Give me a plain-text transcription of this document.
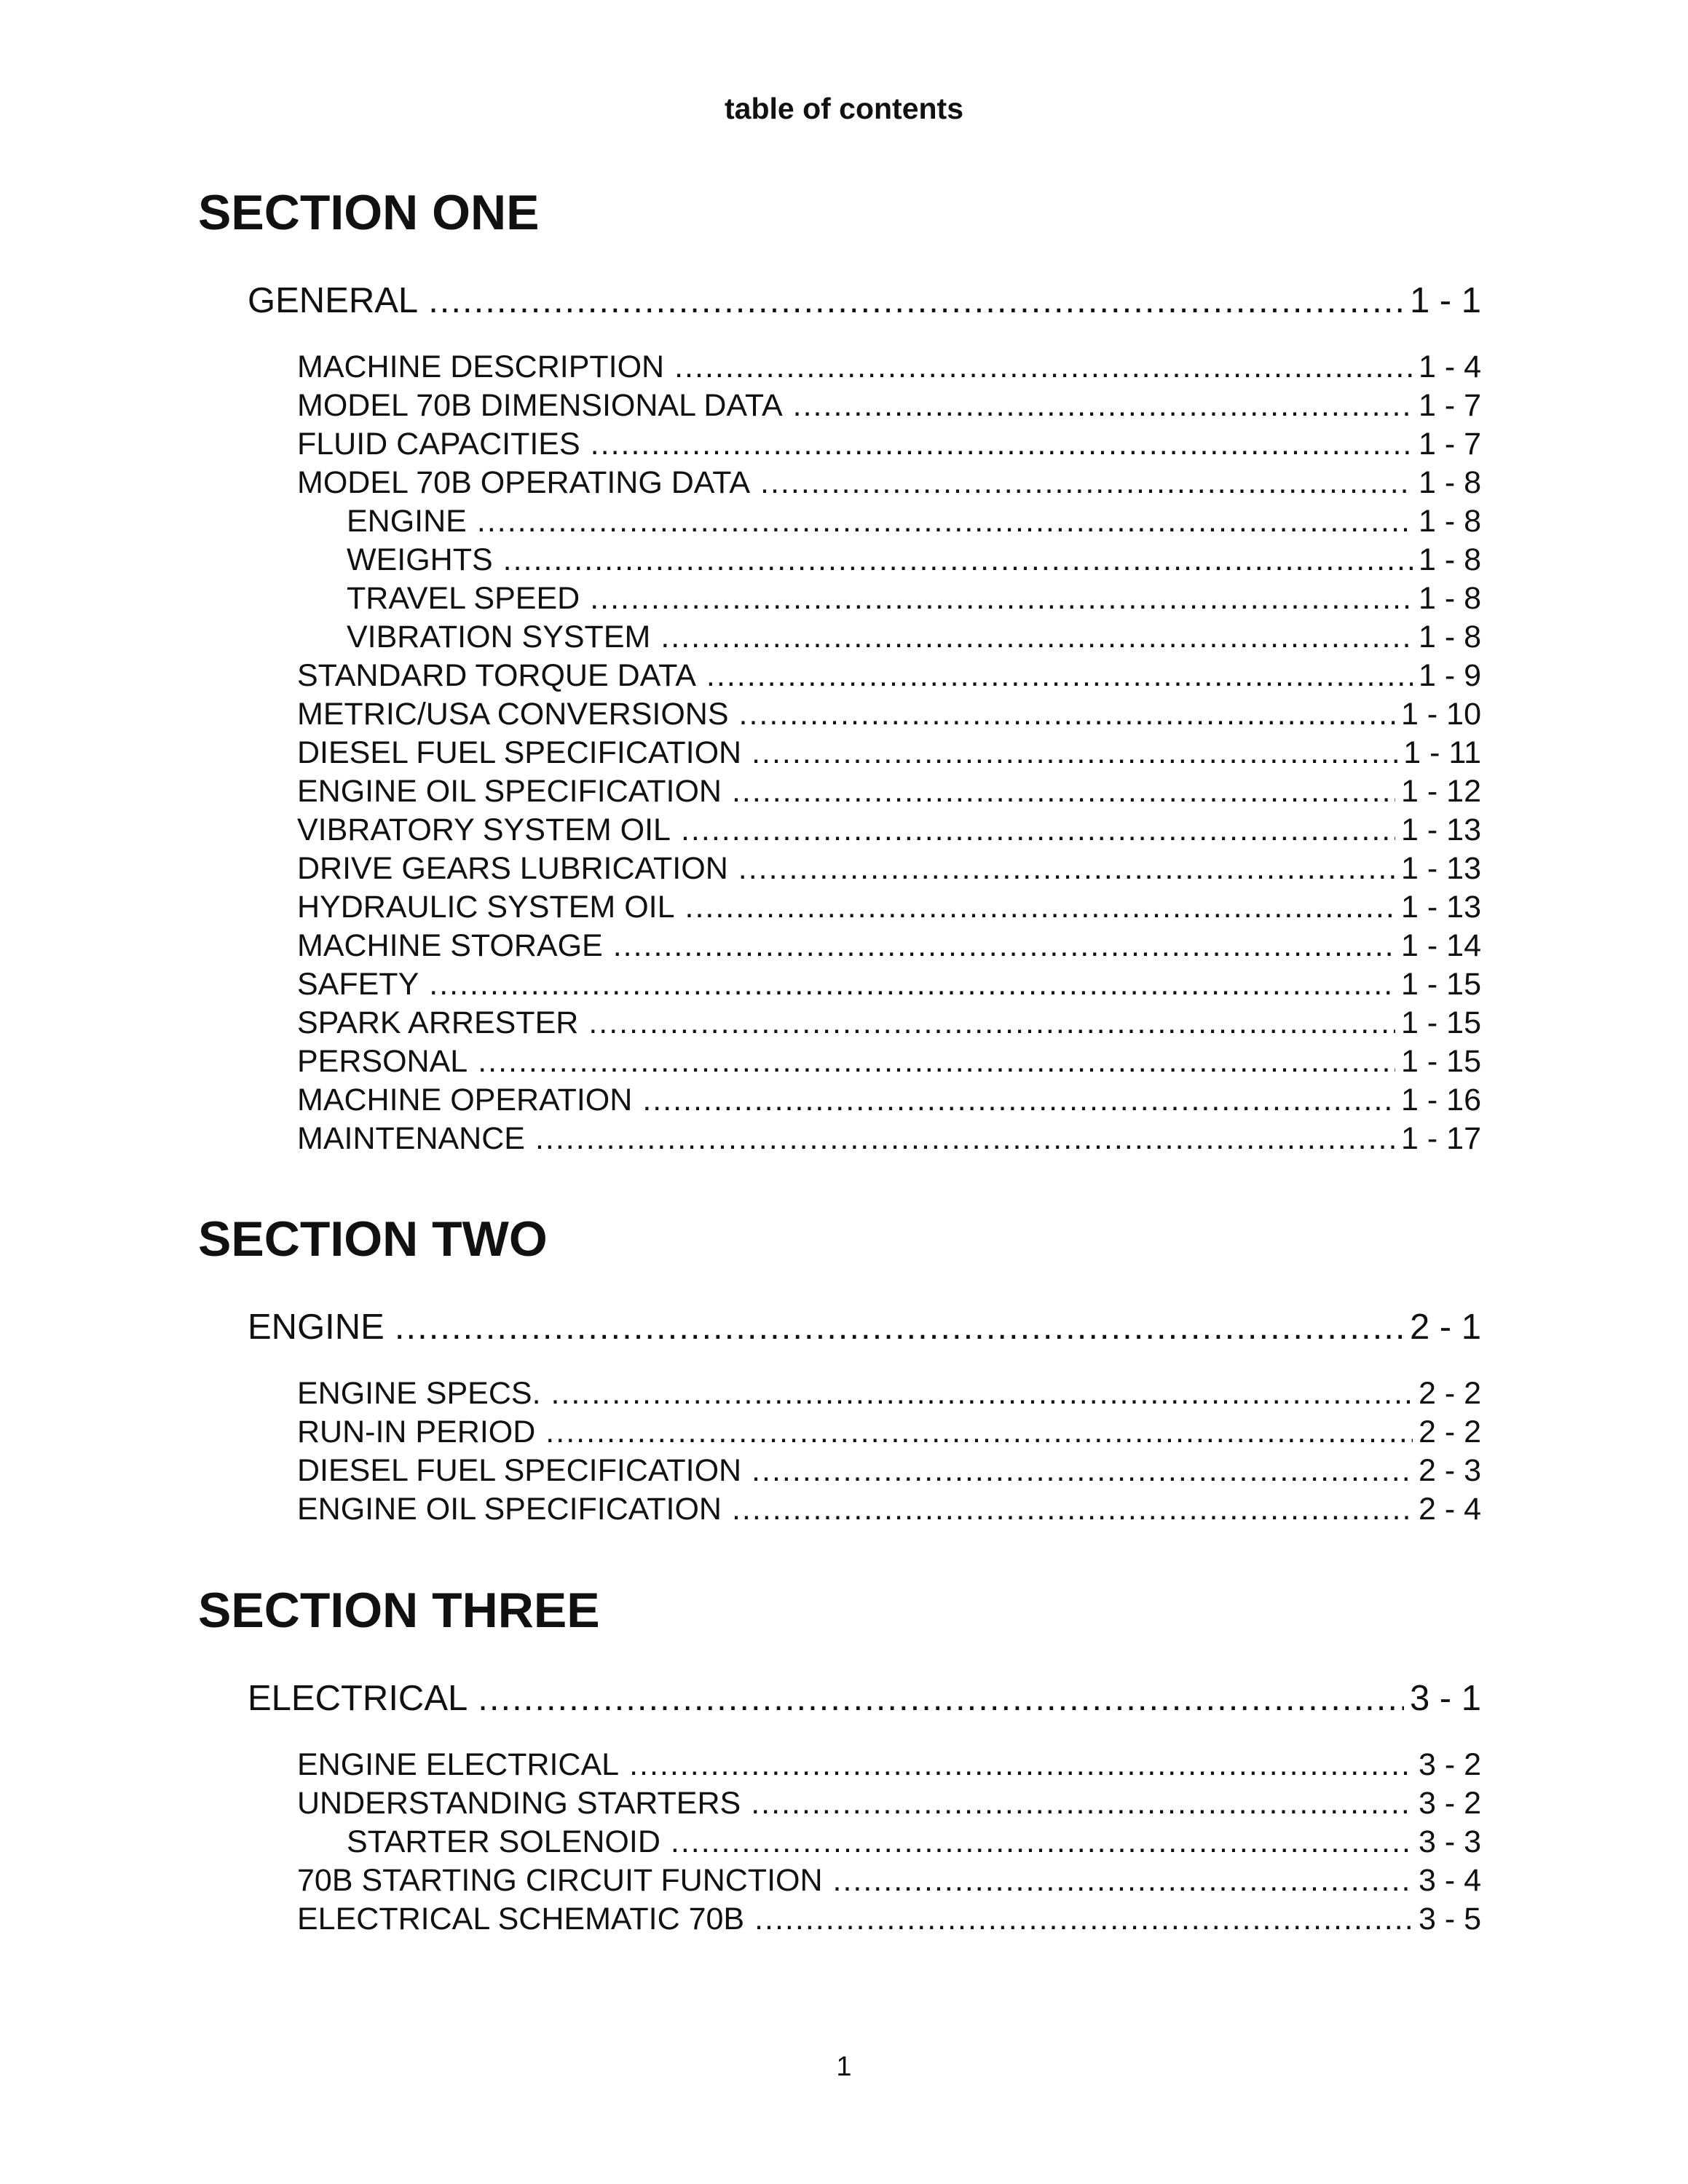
table of contents
SECTION ONE
GENERAL .....	1 - 1
MACHINE DESCRIPTION .....	1 - 4
MODEL 70B DIMENSIONAL DATA .....	1 - 7
FLUID CAPACITIES .....	1 - 7
MODEL 70B OPERATING DATA .....	1 - 8
ENGINE .....	1 - 8
WEIGHTS .....	1 - 8
TRAVEL SPEED .....	1 - 8
VIBRATION SYSTEM .....	1 - 8
STANDARD TORQUE DATA .....	1 - 9
METRIC/USA CONVERSIONS .....	1 - 10
DIESEL FUEL SPECIFICATION .....	1 - 11
ENGINE OIL SPECIFICATION .....	1 - 12
VIBRATORY SYSTEM OIL .....	1 - 13
DRIVE GEARS LUBRICATION .....	1 - 13
HYDRAULIC SYSTEM OIL .....	1 - 13
MACHINE STORAGE .....	1 - 14
SAFETY .....	1 - 15
SPARK ARRESTER .....	1 - 15
PERSONAL .....	1 - 15
MACHINE OPERATION .....	1 - 16
MAINTENANCE .....	1 - 17
SECTION TWO
ENGINE .....	2 - 1
ENGINE SPECS. .....	2 - 2
RUN-IN PERIOD .....	2 - 2
DIESEL FUEL SPECIFICATION .....	2 - 3
ENGINE OIL SPECIFICATION .....	2 - 4
SECTION THREE
ELECTRICAL .....	3 - 1
ENGINE ELECTRICAL .....	3 - 2
UNDERSTANDING STARTERS .....	3 - 2
STARTER SOLENOID .....	3 - 3
70B STARTING CIRCUIT FUNCTION .....	3 - 4
ELECTRICAL SCHEMATIC 70B .....	3 - 5
1
